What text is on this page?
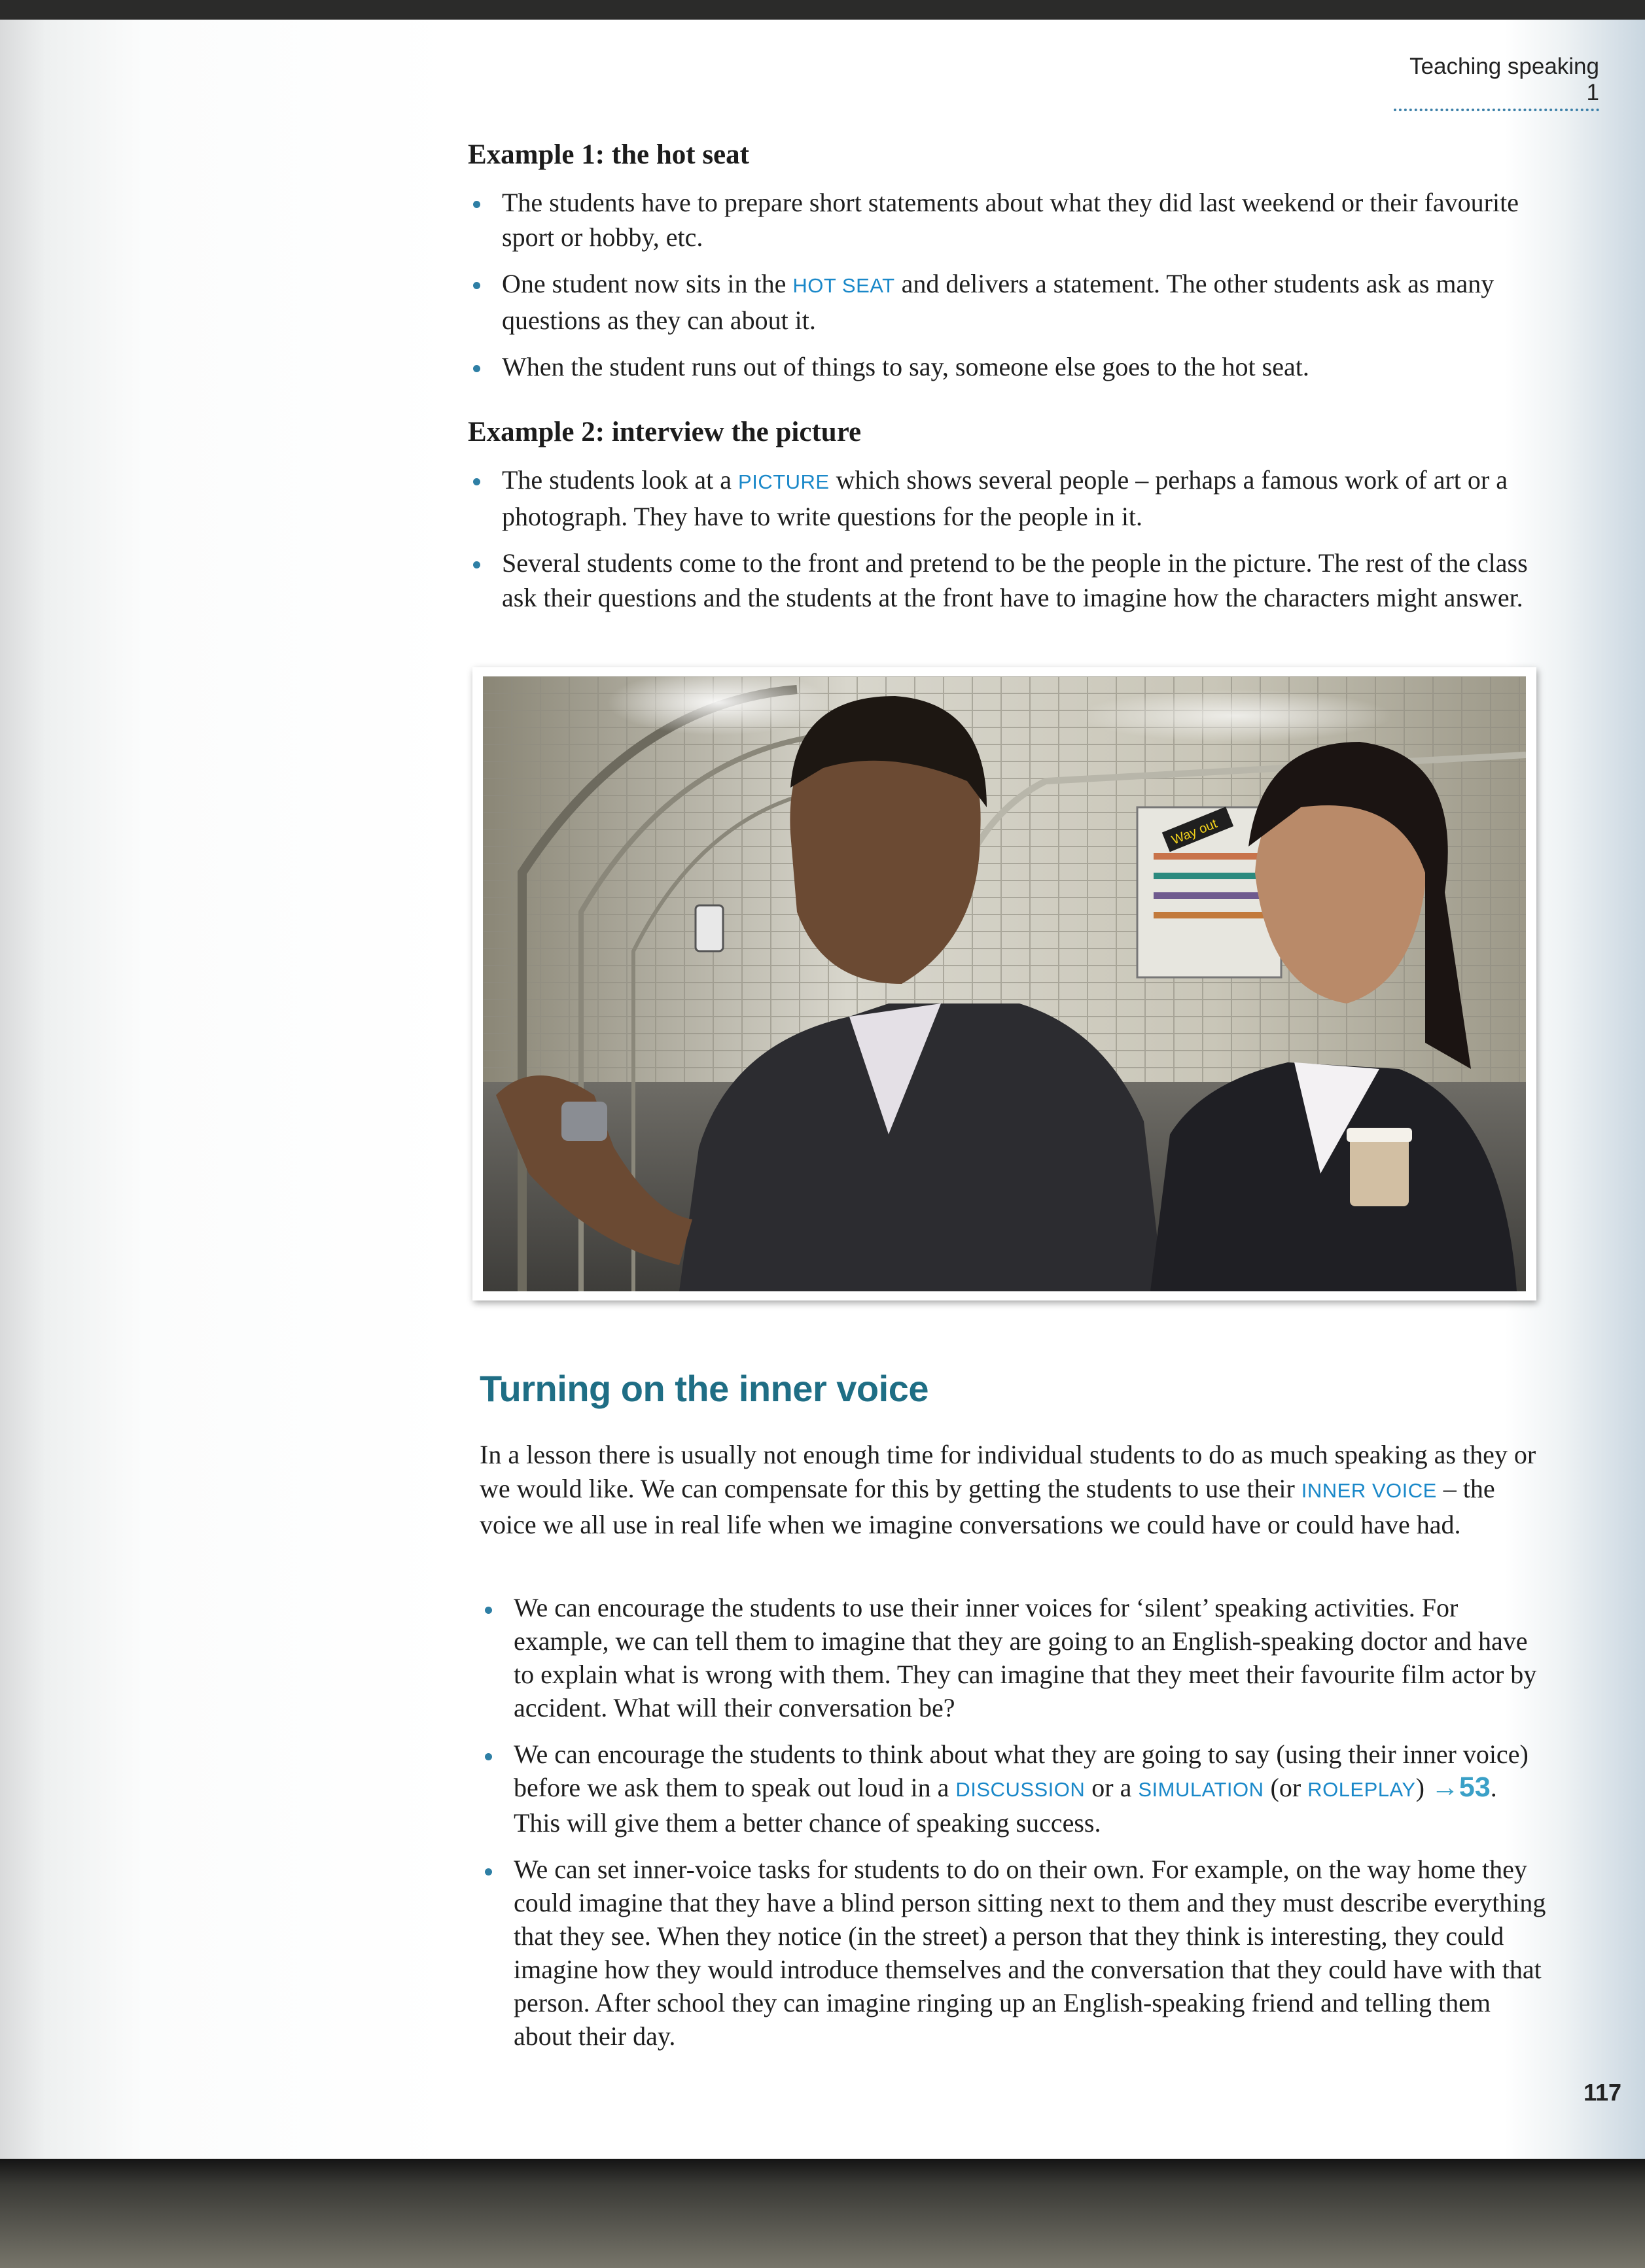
Teaching speaking 1
Example 1: the hot seat
The students have to prepare short statements about what they did last weekend or their favourite sport or hobby, etc.
One student now sits in the HOT SEAT and delivers a statement. The other students ask as many questions as they can about it.
When the student runs out of things to say, someone else goes to the hot seat.
Example 2: interview the picture
The students look at a PICTURE which shows several people – perhaps a famous work of art or a photograph. They have to write questions for the people in it.
Several students come to the front and pretend to be the people in the picture. The rest of the class ask their questions and the students at the front have to imagine how the characters might answer.
Way out
Turning on the inner voice

In a lesson there is usually not enough time for individual students to do as much speaking as they or we would like. We can compensate for this by getting the students to use their INNER VOICE – the voice we all use in real life when we imagine conversations we could have or could have had.

We can encourage the students to use their inner voices for ‘silent’ speaking activities. For example, we can tell them to imagine that they are going to an English-speaking doctor and have to explain what is wrong with them. They can imagine that they meet their favourite film actor by accident. What will their conversation be?
We can encourage the students to think about what they are going to say (using their inner voice) before we ask them to speak out loud in a DISCUSSION or a SIMULATION (or ROLEPLAY) →53. This will give them a better chance of speaking success.
We can set inner-voice tasks for students to do on their own. For example, on the way home they could imagine that they have a blind person sitting next to them and they must describe everything that they see. When they notice (in the street) a person that they think is interesting, they could imagine how they would introduce themselves and the conversation that they could have with that person. After school they can imagine ringing up an English-speaking friend and telling them about their day.
117
